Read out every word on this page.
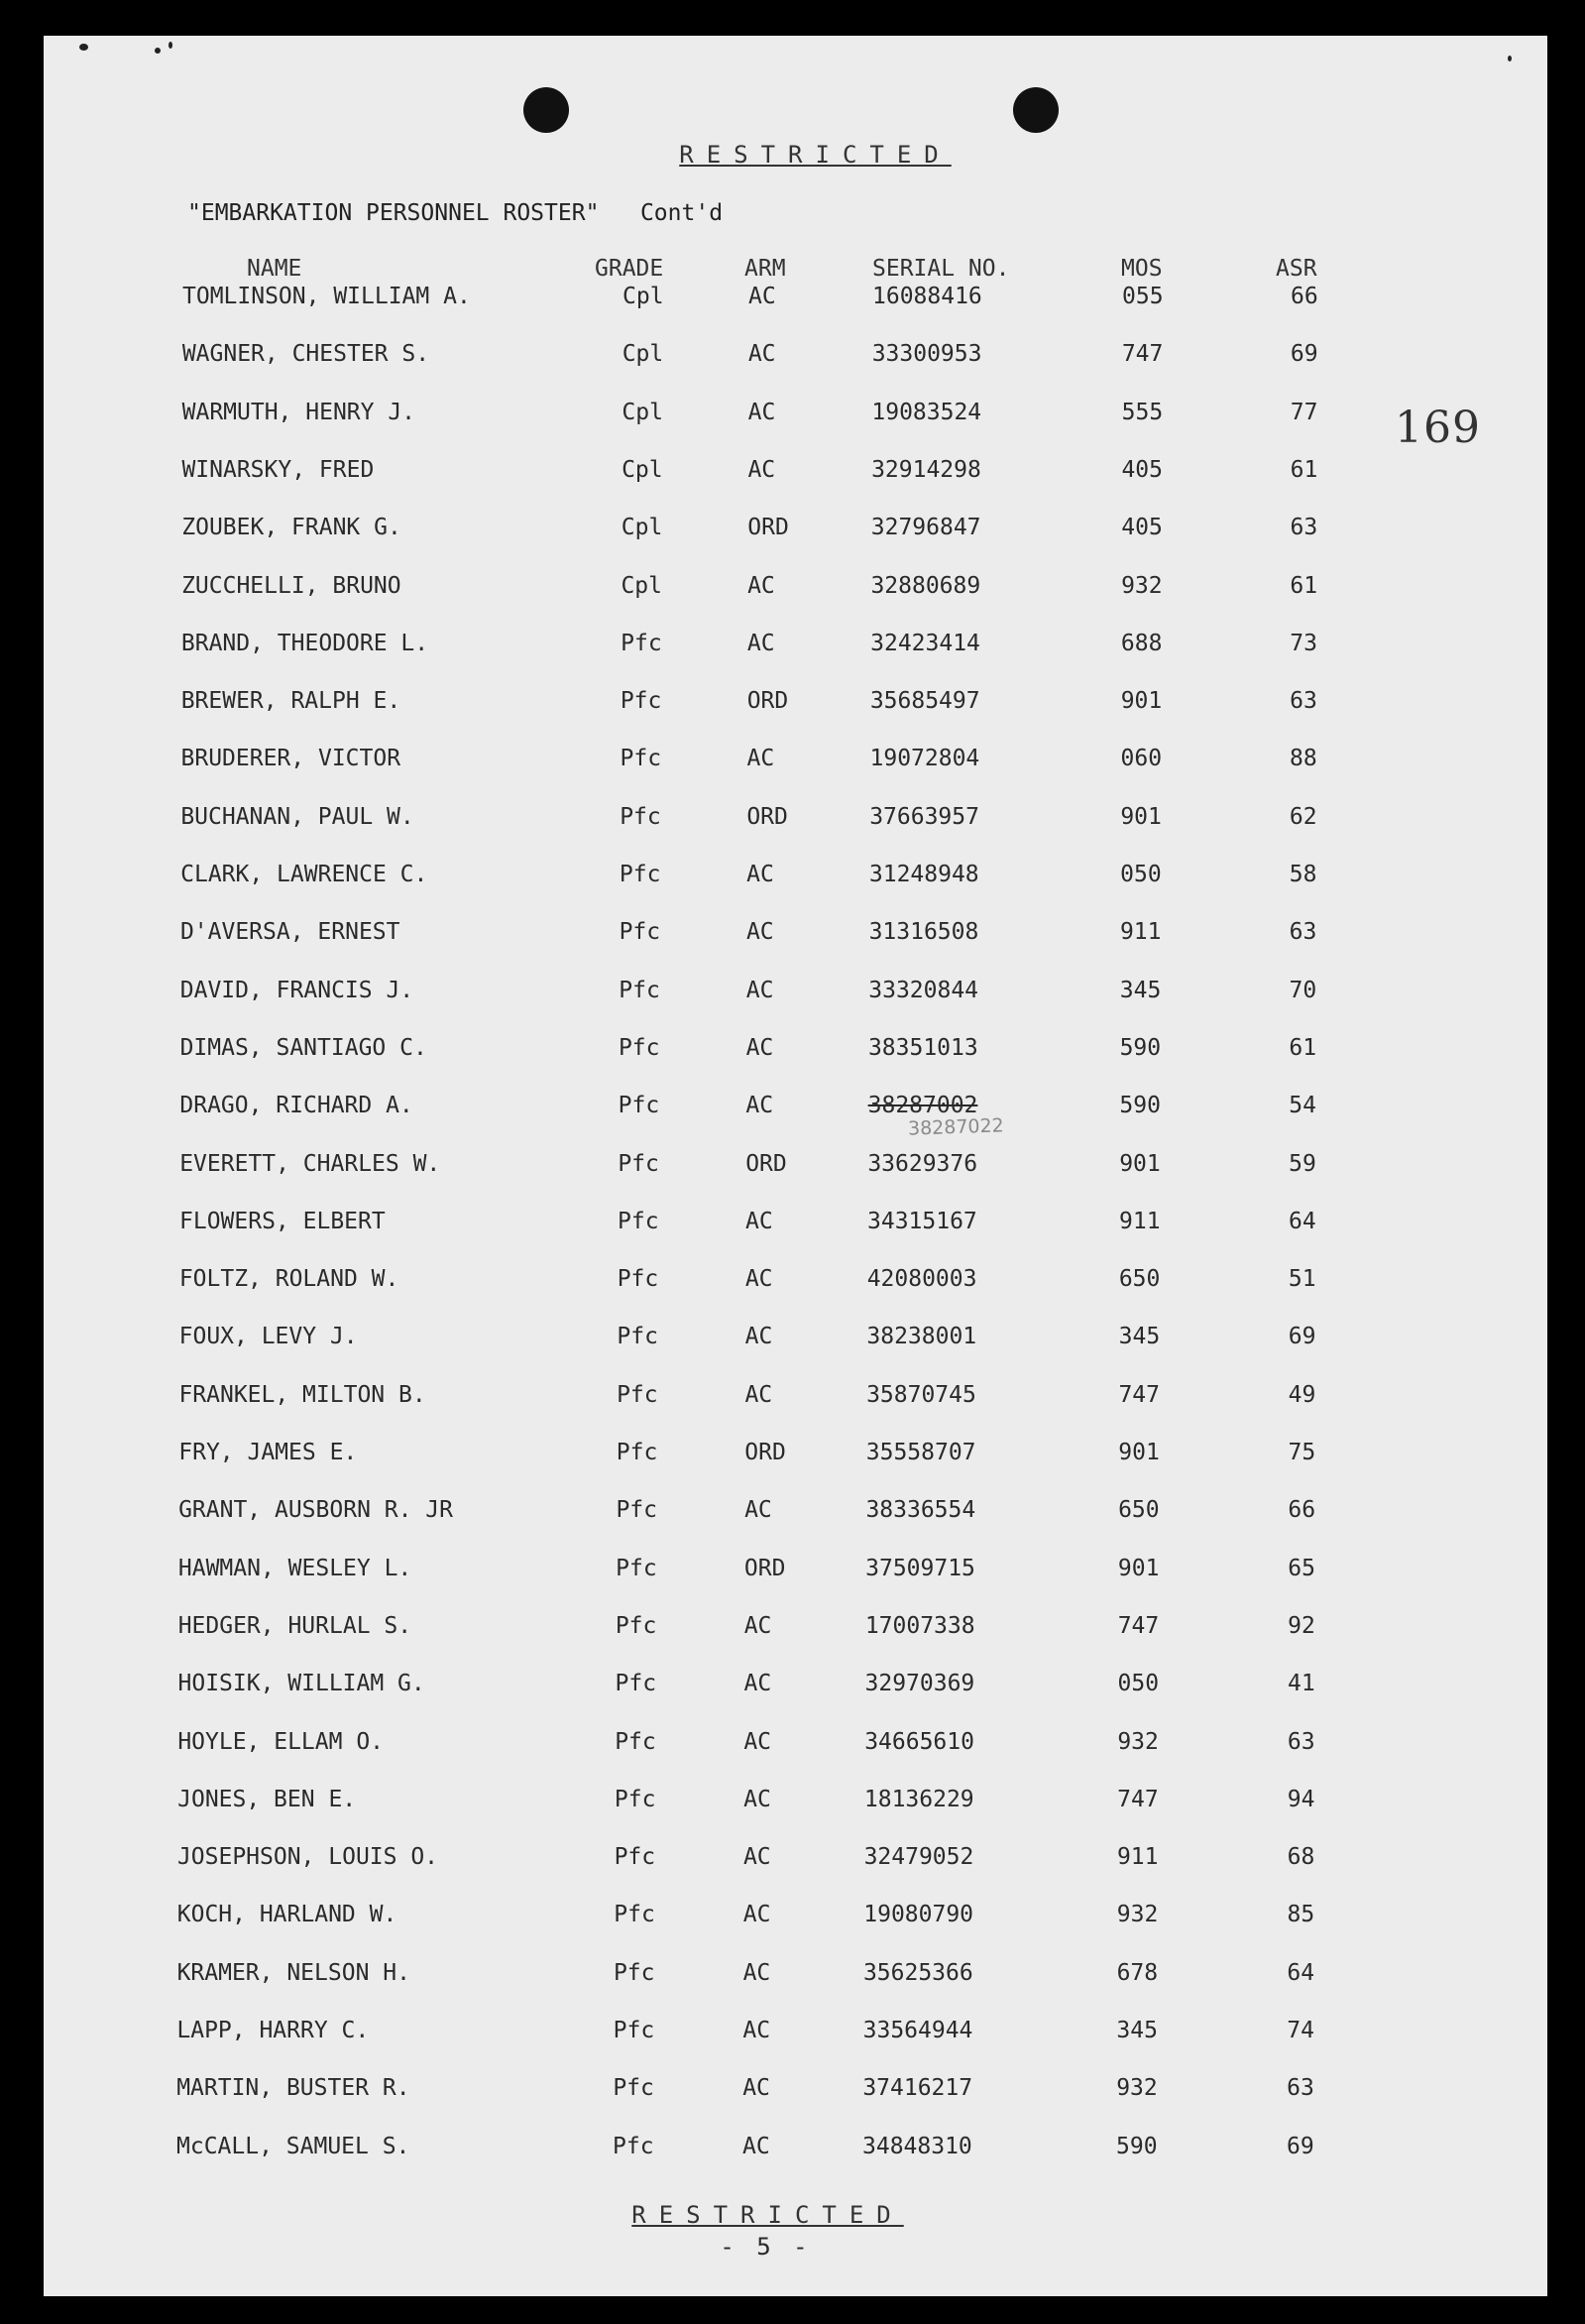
RESTRICTED
"EMBARKATION PERSONNEL ROSTER"   Cont'd
169
NAME	GRADE	ARM	SERIAL NO.	MOS	ASR
TOMLINSON, WILLIAM A.	Cpl	AC	16088416	055	66
WAGNER, CHESTER S.	Cpl	AC	33300953	747	69
WARMUTH, HENRY J.	Cpl	AC	19083524	555	77
WINARSKY, FRED	Cpl	AC	32914298	405	61
ZOUBEK, FRANK G.	Cpl	ORD	32796847	405	63
ZUCCHELLI, BRUNO	Cpl	AC	32880689	932	61
BRAND, THEODORE L.	Pfc	AC	32423414	688	73
BREWER, RALPH E.	Pfc	ORD	35685497	901	63
BRUDERER, VICTOR	Pfc	AC	19072804	060	88
BUCHANAN, PAUL W.	Pfc	ORD	37663957	901	62
CLARK, LAWRENCE C.	Pfc	AC	31248948	050	58
D'AVERSA, ERNEST	Pfc	AC	31316508	911	63
DAVID, FRANCIS J.	Pfc	AC	33320844	345	70
DIMAS, SANTIAGO C.	Pfc	AC	38351013	590	61
DRAGO, RICHARD A.	Pfc	AC	38287002	590	54
EVERETT, CHARLES W.	Pfc	ORD	33629376	901	59
FLOWERS, ELBERT	Pfc	AC	34315167	911	64
FOLTZ, ROLAND W.	Pfc	AC	42080003	650	51
FOUX, LEVY J.	Pfc	AC	38238001	345	69
FRANKEL, MILTON B.	Pfc	AC	35870745	747	49
FRY, JAMES E.	Pfc	ORD	35558707	901	75
GRANT, AUSBORN R. JR	Pfc	AC	38336554	650	66
HAWMAN, WESLEY L.	Pfc	ORD	37509715	901	65
HEDGER, HURLAL S.	Pfc	AC	17007338	747	92
HOISIK, WILLIAM G.	Pfc	AC	32970369	050	41
HOYLE, ELLAM O.	Pfc	AC	34665610	932	63
JONES, BEN E.	Pfc	AC	18136229	747	94
JOSEPHSON, LOUIS O.	Pfc	AC	32479052	911	68
KOCH, HARLAND W.	Pfc	AC	19080790	932	85
KRAMER, NELSON H.	Pfc	AC	35625366	678	64
LAPP, HARRY C.	Pfc	AC	33564944	345	74
MARTIN, BUSTER R.	Pfc	AC	37416217	932	63
McCALL, SAMUEL S.	Pfc	AC	34848310	590	69
38287022
RESTRICTED
- 5 -
